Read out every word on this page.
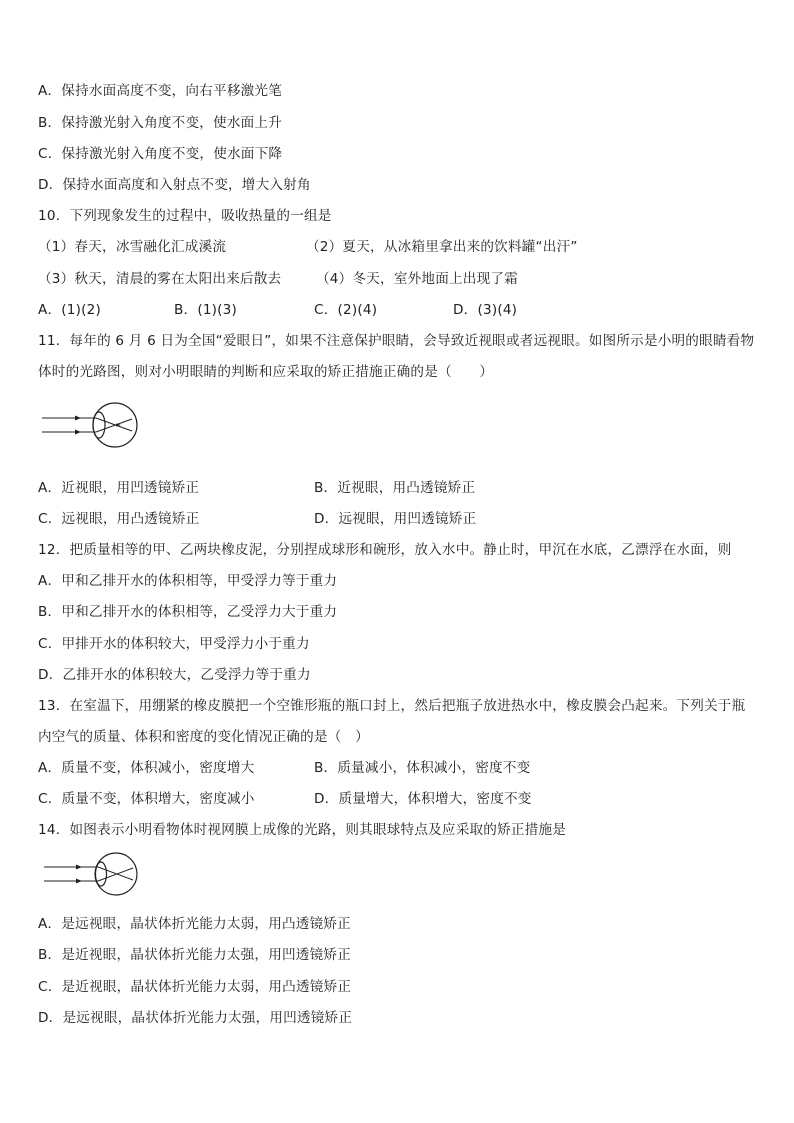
A．保持水面高度不变，向右平移激光笔
B．保持激光射入角度不变，使水面上升
C．保持激光射入角度不变，使水面下降
D．保持水面高度和入射点不变，增大入射角
10．下列现象发生的过程中，吸收热量的一组是
（1）春天，冰雪融化汇成溪流	（2）夏天，从冰箱里拿出来的饮料罐“出汗”
（3）秋天，清晨的雾在太阳出来后散去	（4）冬天，室外地面上出现了霜
A．(1)(2)	B．(1)(3)	C．(2)(4)	D．(3)(4)
11．每年的 6 月 6 日为全国“爱眼日”，如果不注意保护眼睛，会导致近视眼或者远视眼。如图所示是小明的眼睛看物
体时的光路图，则对小明眼睛的判断和应采取的矫正措施正确的是（　　）
A．近视眼，用凹透镜矫正	B．近视眼，用凸透镜矫正
C．远视眼，用凸透镜矫正	D．远视眼，用凹透镜矫正
12．把质量相等的甲、乙两块橡皮泥，分别捏成球形和碗形，放入水中。静止时，甲沉在水底，乙漂浮在水面，则
A．甲和乙排开水的体积相等，甲受浮力等于重力
B．甲和乙排开水的体积相等，乙受浮力大于重力
C．甲排开水的体积较大，甲受浮力小于重力
D．乙排开水的体积较大，乙受浮力等于重力
13．在室温下，用绷紧的橡皮膜把一个空锥形瓶的瓶口封上，然后把瓶子放进热水中，橡皮膜会凸起来。下列关于瓶
内空气的质量、体积和密度的变化情况正确的是（　）
A．质量不变，体积减小，密度增大	B．质量减小，体积减小，密度不变
C．质量不变，体积增大，密度减小	D．质量增大，体积增大，密度不变
14．如图表示小明看物体时视网膜上成像的光路，则其眼球特点及应采取的矫正措施是
A．是远视眼，晶状体折光能力太弱，用凸透镜矫正
B．是近视眼，晶状体折光能力太强，用凹透镜矫正
C．是近视眼，晶状体折光能力太弱，用凸透镜矫正
D．是远视眼，晶状体折光能力太强，用凹透镜矫正
